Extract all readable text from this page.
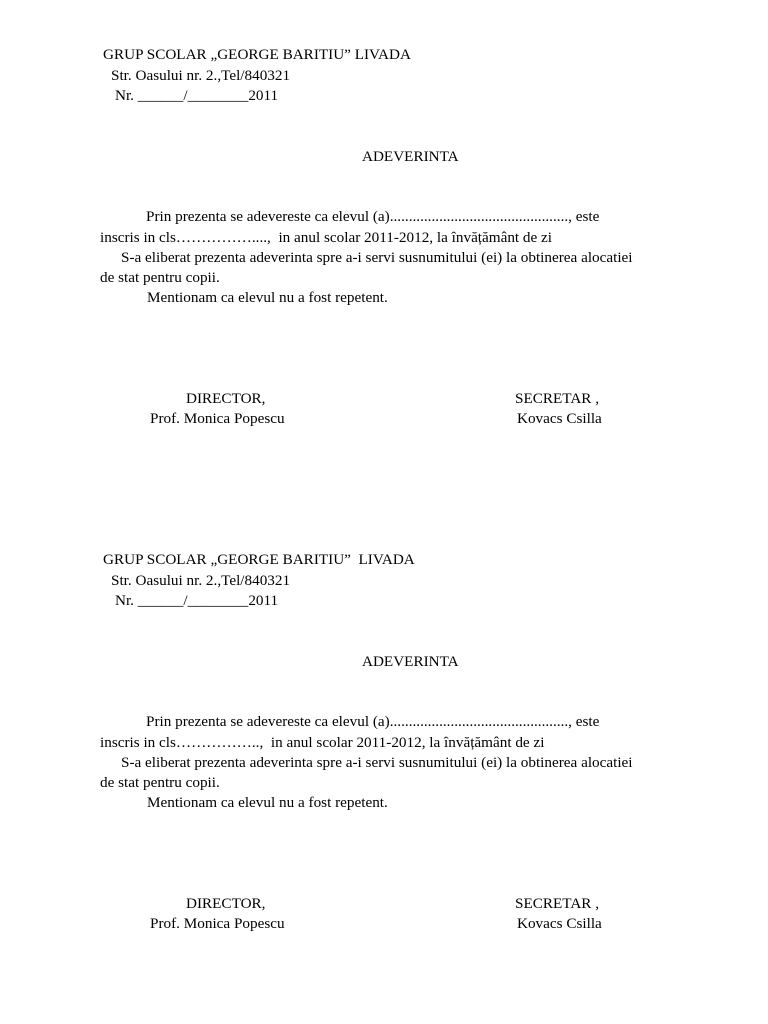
GRUP SCOLAR „GEORGE BARITIU” LIVADA
Str. Oasului nr. 2.,Tel/840321
Nr. ______/________2011
ADEVERINTA
Prin prezenta se adevereste ca elevul (a)..............................................., este
inscris in cls……………....,  in anul scolar 2011-2012, la învățământ de zi
S-a eliberat prezenta adeverinta spre a-i servi susnumitului (ei) la obtinerea alocatiei
de stat pentru copii.
Mentionam ca elevul nu a fost repetent.
DIRECTOR,
Prof. Monica Popescu
SECRETAR ,
Kovacs Csilla
GRUP SCOLAR „GEORGE BARITIU”  LIVADA
Str. Oasului nr. 2.,Tel/840321
Nr. ______/________2011
ADEVERINTA
Prin prezenta se adevereste ca elevul (a)..............................................., este
inscris in cls……………..,  in anul scolar 2011-2012, la învățământ de zi
S-a eliberat prezenta adeverinta spre a-i servi susnumitului (ei) la obtinerea alocatiei
de stat pentru copii.
Mentionam ca elevul nu a fost repetent.
DIRECTOR,
Prof. Monica Popescu
SECRETAR ,
Kovacs Csilla
